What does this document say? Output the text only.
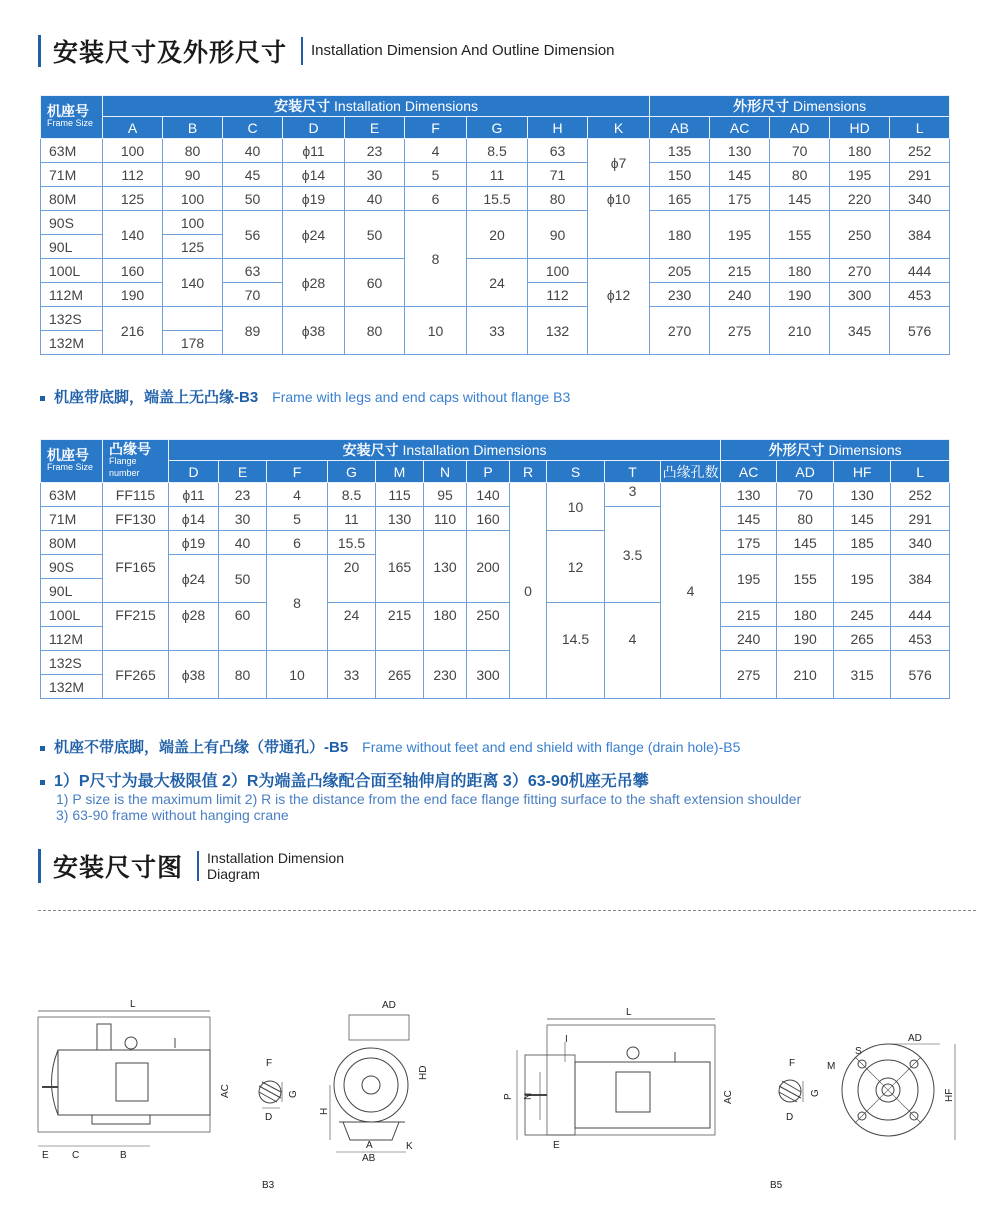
安装尺寸及外形尺寸 Installation Dimension And Outline Dimension
机座号
Frame Size	安装尺寸 Installation Dimensions									外形尺寸 Dimensions				
	A	B	C	D	E	F	G	H	K	AB	AC	AD	HD	L
63M	100	80	40	ϕ11	23	4	8.5	63	ϕ7	135	130	70	180	252
71M	112	90	45	ϕ14	30	5	11	71		150	145	80	195	291
80M	125	100	50	ϕ19	40	6	15.5	80	ϕ10	165	175	145	220	340
90S	140	100	56	ϕ24	50	8	20	90		180	195	155	250	384
90L		125												
100L	160	140	63	ϕ28	60		24	100	ϕ12	205	215	180	270	444
112M	190		70					112		230	240	190	300	453
132S	216		89	ϕ38	80	10	33	132		270	275	210	345	576
132M		178												
机座带底脚，端盖上无凸缘-B3 Frame with legs and end caps without flange B3
机座号
Frame Size	凸缘号
Flange number	安装尺寸 Installation Dimensions											外形尺寸 Dimensions			
		D	E	F	G	M	N	P	R	S	T	凸缘孔数	AC	AD	HF	L
63M	FF115	ϕ11	23	4	8.5	115	95	140	0	10	3	4	130	70	130	252
71M	FF130	ϕ14	30	5	11	130	110	160			3.5		145	80	145	291
80M	FF165	ϕ19	40	6	15.5	165	130	200		12			175	145	185	340
90S		ϕ24	50	8	20								195	155	195	384
90L																
100L	FF215	ϕ28	60		24	215	180	250		14.5	4		215	180	245	444
112M													240	190	265	453
132S	FF265	ϕ38	80	10	33	265	230	300					275	210	315	576
132M																
机座不带底脚，端盖上有凸缘（带通孔）-B5 Frame without feet and end shield with flange (drain hole)-B5
1）P尺寸为最大极限值 2）R为端盖凸缘配合面至轴伸肩的距离 3）63-90机座无吊攀
1) P size is the maximum limit 2) R is the distance from the end face flange fitting surface to the shaft extension shoulder
3) 63-90 frame without hanging crane
安装尺寸图 Installation Dimension
Diagram
L
AC
E C	B
F
G
D
AD
HD
H
A
AB
K
L
AC
P N
I
E
F
G
D
M
S
AD
HF
B3	B5
